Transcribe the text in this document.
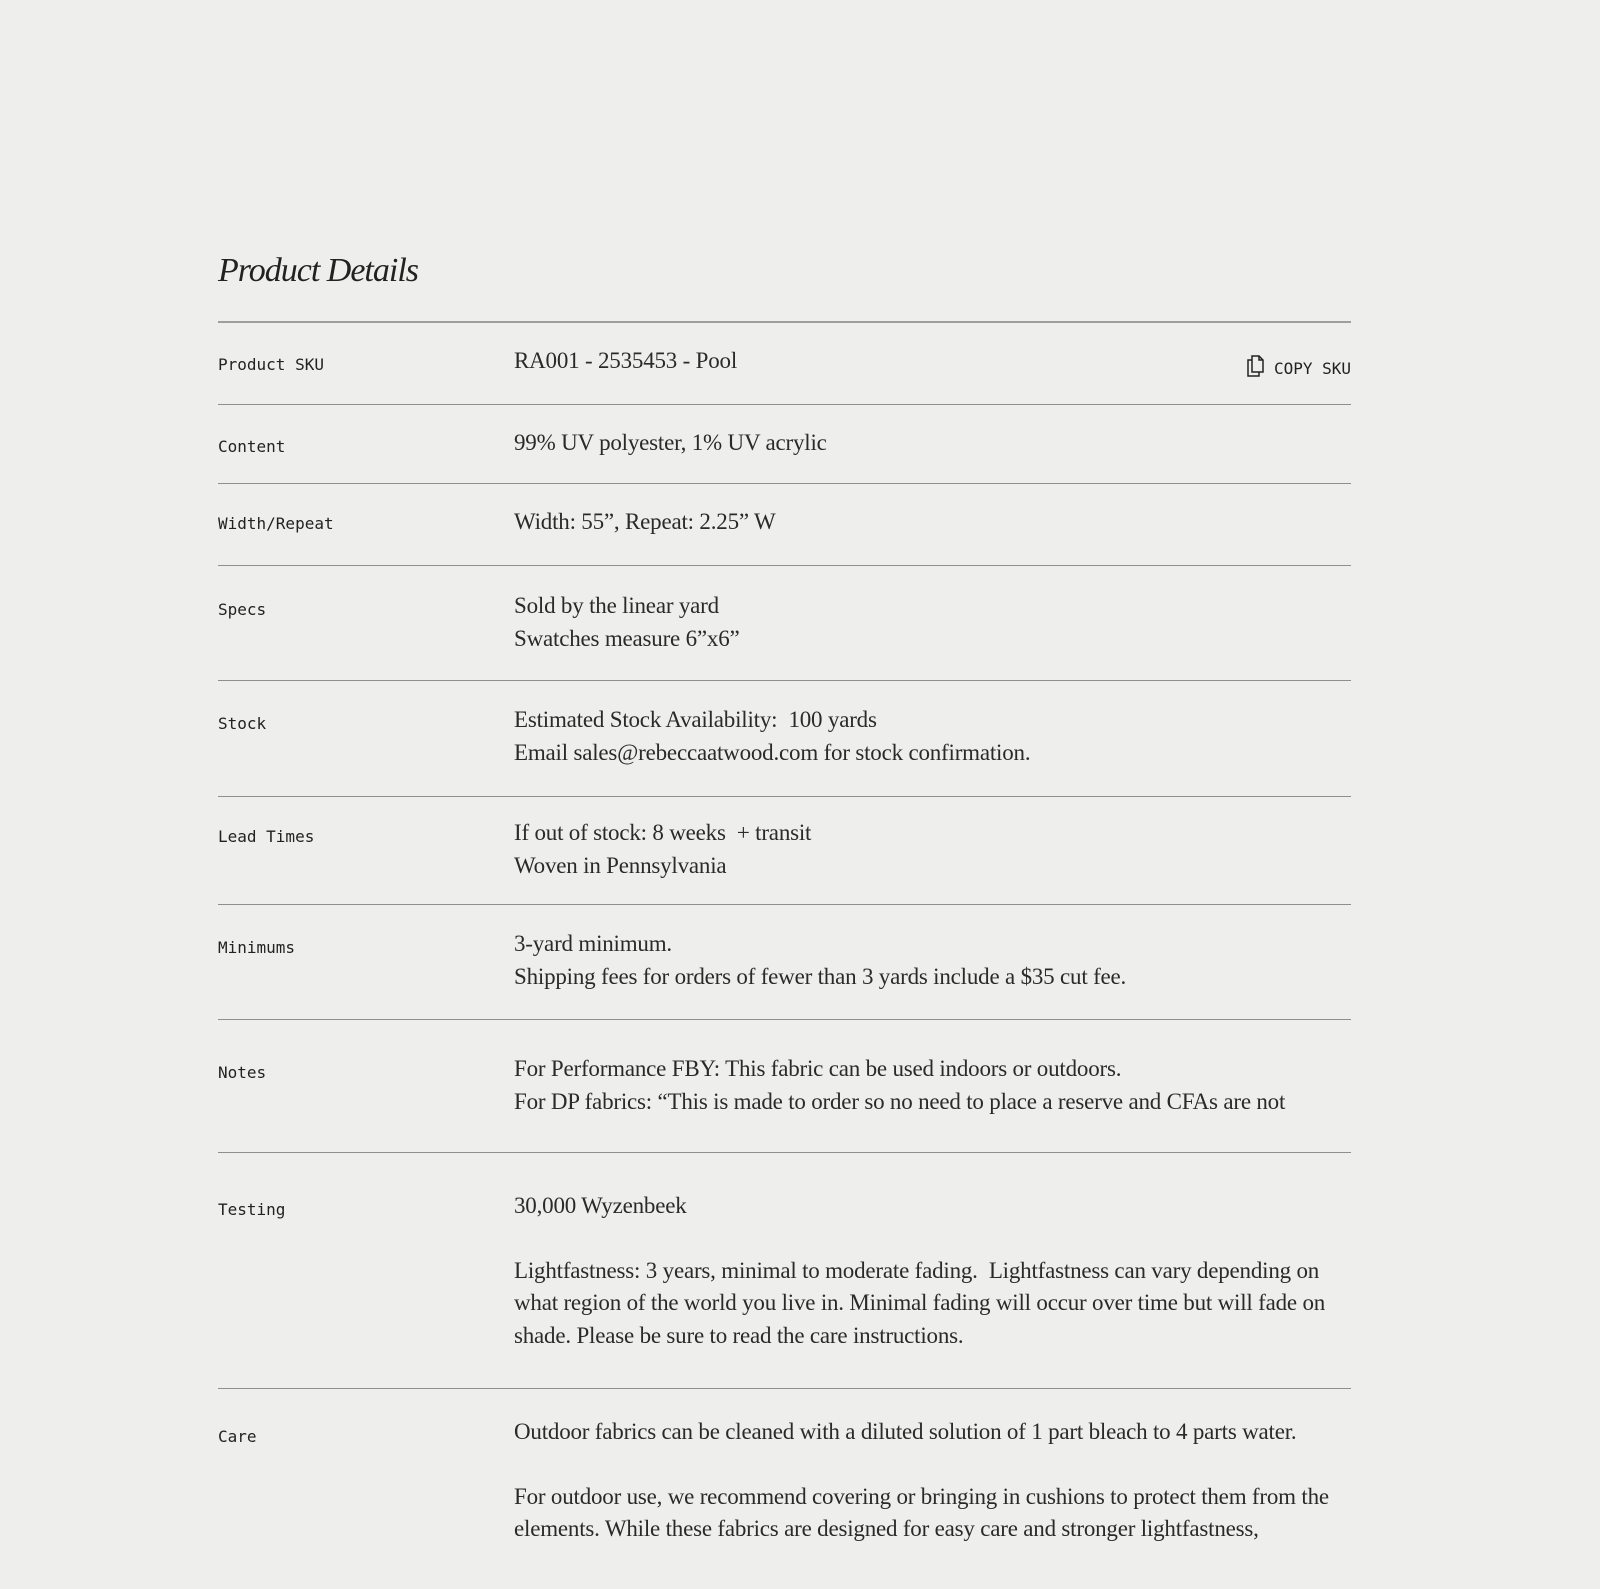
Product Details
Product SKU	RA001 - 2535453 - Pool	COPY SKU
Content	99% UV polyester, 1% UV acrylic

Width/Repeat	Width: 55”, Repeat: 2.25” W

Specs	Sold by the linear yard

Swatches measure 6”x6”

Stock	Estimated Stock Availability:  100 yards

Email sales@rebeccaatwood.com for stock confirmation.

Lead Times	If out of stock: 8 weeks  + transit

Woven in Pennsylvania

Minimums	3-yard minimum.

Shipping fees for orders of fewer than 3 yards include a $35 cut fee.

Notes	For Performance FBY: This fabric can be used indoors or outdoors.

For DP fabrics: “This is made to order so no need to place a reserve and CFAs are not

Testing	30,000 Wyzenbeek

Lightfastness: 3 years, minimal to moderate fading.  Lightfastness can vary depending on what region of the world you live in. Minimal fading will occur over time but will fade on shade. Please be sure to read the care instructions.

Care	Outdoor fabrics can be cleaned with a diluted solution of 1 part bleach to 4 parts water.

For outdoor use, we recommend covering or bringing in cushions to protect them from the elements. While these fabrics are designed for easy care and stronger lightfastness,
